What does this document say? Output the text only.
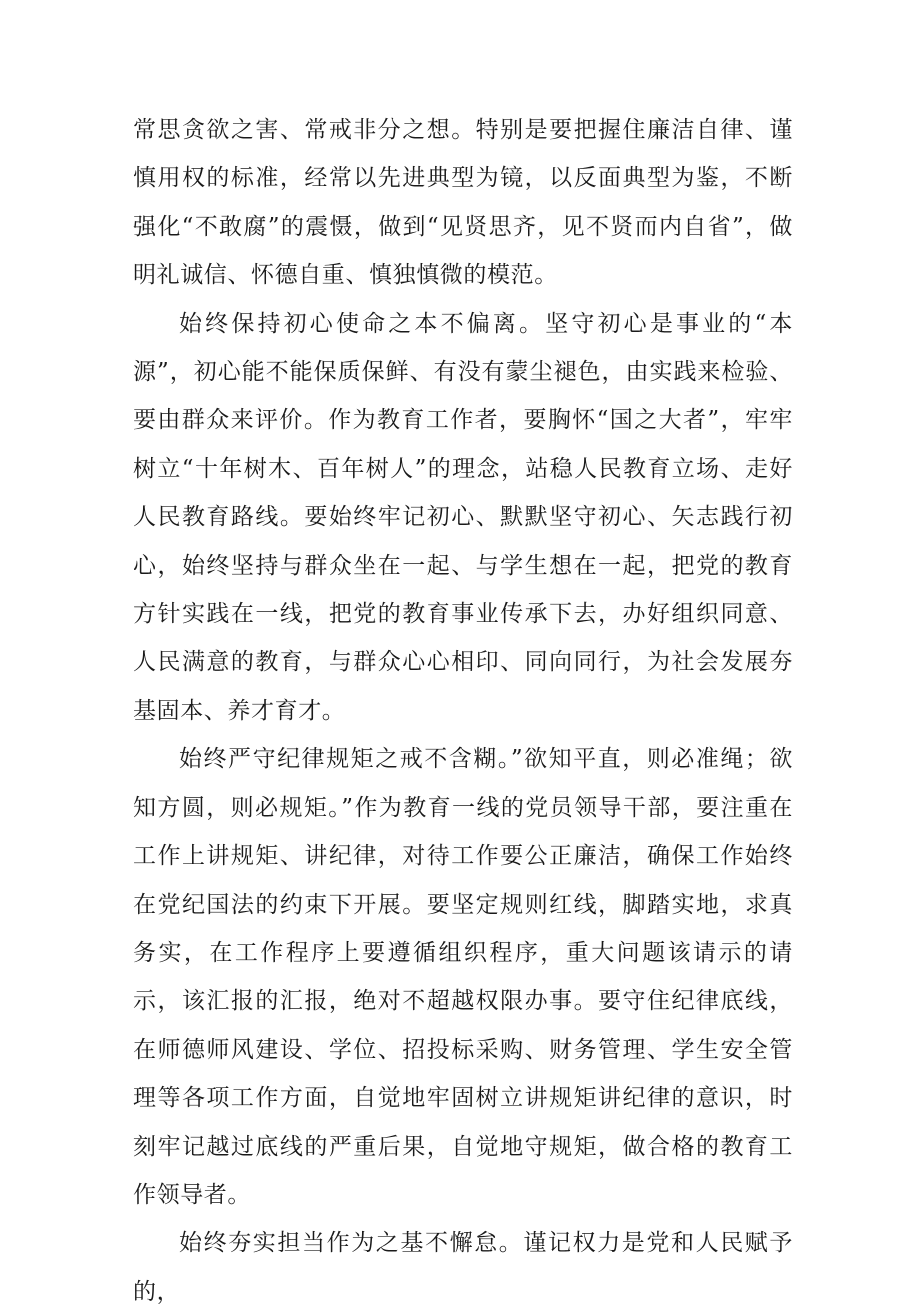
常思贪欲之害、常戒非分之想。特别是要把握住廉洁自律、谨慎用权的标准，经常以先进典型为镜，以反面典型为鉴，不断强化“不敢腐”的震慑，做到“见贤思齐，见不贤而内自省”，做明礼诚信、怀德自重、慎独慎微的模范。

始终保持初心使命之本不偏离。坚守初心是事业的“本源”，初心能不能保质保鲜、有没有蒙尘褪色，由实践来检验、要由群众来评价。作为教育工作者，要胸怀“国之大者”，牢牢树立“十年树木、百年树人”的理念，站稳人民教育立场、走好人民教育路线。要始终牢记初心、默默坚守初心、矢志践行初心，始终坚持与群众坐在一起、与学生想在一起，把党的教育方针实践在一线，把党的教育事业传承下去，办好组织同意、人民满意的教育，与群众心心相印、同向同行，为社会发展夯基固本、养才育才。

始终严守纪律规矩之戒不含糊。”欲知平直，则必准绳；欲知方圆，则必规矩。”作为教育一线的党员领导干部，要注重在工作上讲规矩、讲纪律，对待工作要公正廉洁，确保工作始终在党纪国法的约束下开展。要坚定规则红线，脚踏实地，求真务实，在工作程序上要遵循组织程序，重大问题该请示的请示，该汇报的汇报，绝对不超越权限办事。要守住纪律底线，在师德师风建设、学位、招投标采购、财务管理、学生安全管理等各项工作方面，自觉地牢固树立讲规矩讲纪律的意识，时刻牢记越过底线的严重后果，自觉地守规矩，做合格的教育工作领导者。

始终夯实担当作为之基不懈怠。谨记权力是党和人民赋予的，
